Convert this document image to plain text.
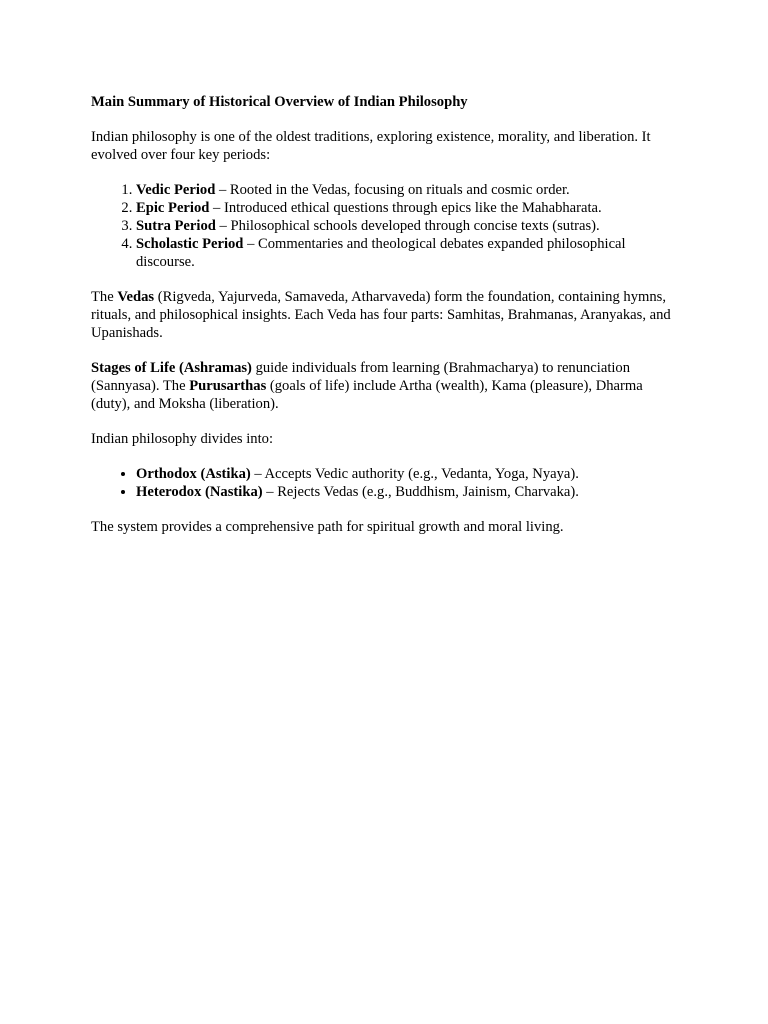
Main Summary of Historical Overview of Indian Philosophy

Indian philosophy is one of the oldest traditions, exploring existence, morality, and liberation. It evolved over four key periods:

1. Vedic Period – Rooted in the Vedas, focusing on rituals and cosmic order.
2. Epic Period – Introduced ethical questions through epics like the Mahabharata.
3. Sutra Period – Philosophical schools developed through concise texts (sutras).
4. Scholastic Period – Commentaries and theological debates expanded philosophical discourse.

The Vedas (Rigveda, Yajurveda, Samaveda, Atharvaveda) form the foundation, containing hymns, rituals, and philosophical insights. Each Veda has four parts: Samhitas, Brahmanas, Aranyakas, and Upanishads.

Stages of Life (Ashramas) guide individuals from learning (Brahmacharya) to renunciation (Sannyasa). The Purusarthas (goals of life) include Artha (wealth), Kama (pleasure), Dharma (duty), and Moksha (liberation).

Indian philosophy divides into:

• Orthodox (Astika) – Accepts Vedic authority (e.g., Vedanta, Yoga, Nyaya).
• Heterodox (Nastika) – Rejects Vedas (e.g., Buddhism, Jainism, Charvaka).

The system provides a comprehensive path for spiritual growth and moral living.
